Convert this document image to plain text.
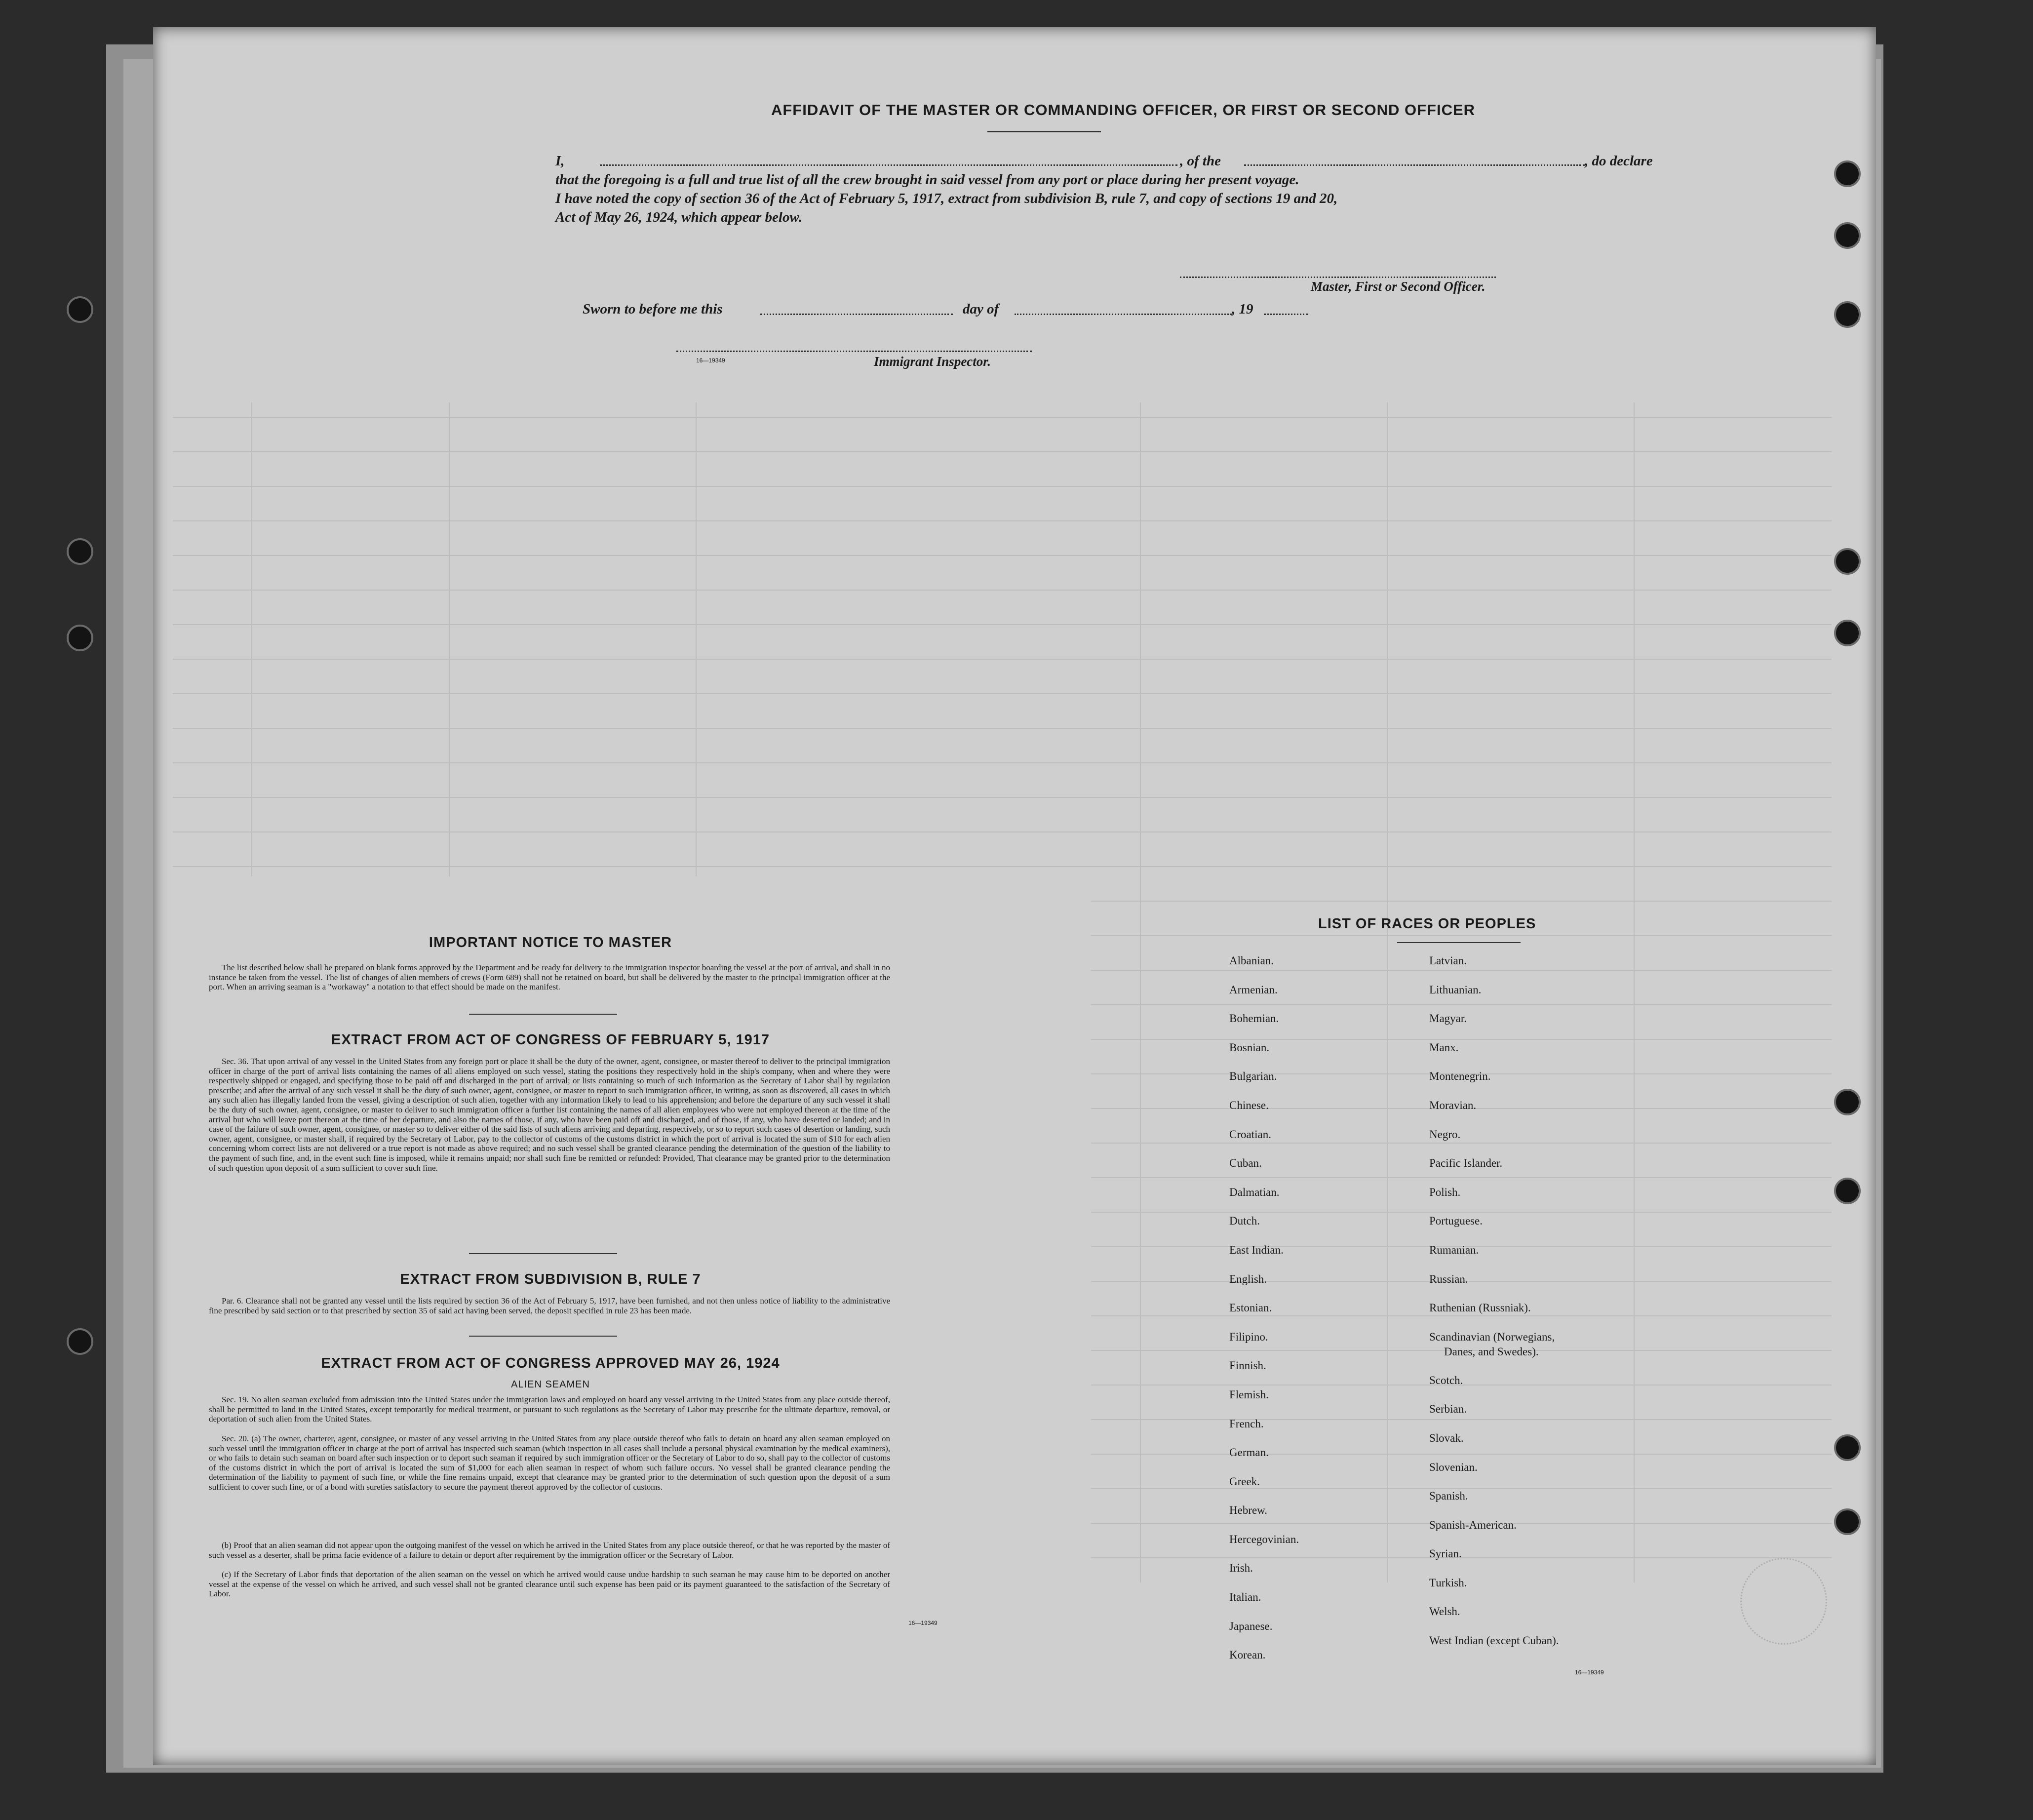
AFFIDAVIT OF THE MASTER OR COMMANDING OFFICER, OR FIRST OR SECOND OFFICER
I,	, of the	, do declare
that the foregoing is a full and true list of all the crew brought in said vessel from any port or place during her present voyage.
I have noted the copy of section 36 of the Act of February 5, 1917, extract from subdivision B, rule 7, and copy of sections 19 and 20,
Act of May 26, 1924, which appear below.
Master, First or Second Officer.
Sworn to before me this	day of	, 19
16—19349	Immigrant Inspector.
IMPORTANT NOTICE TO MASTER

The list described below shall be prepared on blank forms approved by the Department and be ready for delivery to the immigration inspector boarding the vessel at the port of arrival, and shall in no instance be taken from the vessel. The list of changes of alien members of crews (Form 689) shall not be retained on board, but shall be delivered by the master to the principal immigration officer at the port. When an arriving seaman is a "workaway" a notation to that effect should be made on the manifest.

EXTRACT FROM ACT OF CONGRESS OF FEBRUARY 5, 1917

Sec. 36. That upon arrival of any vessel in the United States from any foreign port or place it shall be the duty of the owner, agent, consignee, or master thereof to deliver to the principal immigration officer in charge of the port of arrival lists containing the names of all aliens employed on such vessel, stating the positions they respectively hold in the ship's company, when and where they were respectively shipped or engaged, and specifying those to be paid off and discharged in the port of arrival; or lists containing so much of such information as the Secretary of Labor shall by regulation prescribe; and after the arrival of any such vessel it shall be the duty of such owner, agent, consignee, or master to report to such immigration officer, in writing, as soon as discovered, all cases in which any such alien has illegally landed from the vessel, giving a description of such alien, together with any information likely to lead to his apprehension; and before the departure of any such vessel it shall be the duty of such owner, agent, consignee, or master to deliver to such immigration officer a further list containing the names of all alien employees who were not employed thereon at the time of the arrival but who will leave port thereon at the time of her departure, and also the names of those, if any, who have been paid off and discharged, and of those, if any, who have deserted or landed; and in case of the failure of such owner, agent, consignee, or master so to deliver either of the said lists of such aliens arriving and departing, respectively, or so to report such cases of desertion or landing, such owner, agent, consignee, or master shall, if required by the Secretary of Labor, pay to the collector of customs of the customs district in which the port of arrival is located the sum of $10 for each alien concerning whom correct lists are not delivered or a true report is not made as above required; and no such vessel shall be granted clearance pending the determination of the question of the liability to the payment of such fine, and, in the event such fine is imposed, while it remains unpaid; nor shall such fine be remitted or refunded: Provided, That clearance may be granted prior to the determination of such question upon deposit of a sum sufficient to cover such fine.

EXTRACT FROM SUBDIVISION B, RULE 7

Par. 6. Clearance shall not be granted any vessel until the lists required by section 36 of the Act of February 5, 1917, have been furnished, and not then unless notice of liability to the administrative fine prescribed by said section or to that prescribed by section 35 of said act having been served, the deposit specified in rule 23 has been made.

EXTRACT FROM ACT OF CONGRESS APPROVED MAY 26, 1924
ALIEN SEAMEN

Sec. 19. No alien seaman excluded from admission into the United States under the immigration laws and employed on board any vessel arriving in the United States from any place outside thereof, shall be permitted to land in the United States, except temporarily for medical treatment, or pursuant to such regulations as the Secretary of Labor may prescribe for the ultimate departure, removal, or deportation of such alien from the United States.

Sec. 20. (a) The owner, charterer, agent, consignee, or master of any vessel arriving in the United States from any place outside thereof who fails to detain on board any alien seaman employed on such vessel until the immigration officer in charge at the port of arrival has inspected such seaman (which inspection in all cases shall include a personal physical examination by the medical examiners), or who fails to detain such seaman on board after such inspection or to deport such seaman if required by such immigration officer or the Secretary of Labor to do so, shall pay to the collector of customs of the customs district in which the port of arrival is located the sum of $1,000 for each alien seaman in respect of whom such failure occurs. No vessel shall be granted clearance pending the determination of the liability to payment of such fine, or while the fine remains unpaid, except that clearance may be granted prior to the determination of such question upon the deposit of a sum sufficient to cover such fine, or of a bond with sureties satisfactory to secure the payment thereof approved by the collector of customs.

(b) Proof that an alien seaman did not appear upon the outgoing manifest of the vessel on which he arrived in the United States from any place outside thereof, or that he was reported by the master of such vessel as a deserter, shall be prima facie evidence of a failure to detain or deport after requirement by the immigration officer or the Secretary of Labor.

(c) If the Secretary of Labor finds that deportation of the alien seaman on the vessel on which he arrived would cause undue hardship to such seaman he may cause him to be deported on another vessel at the expense of the vessel on which he arrived, and such vessel shall not be granted clearance until such expense has been paid or its payment guaranteed to the satisfaction of the Secretary of Labor.

16—19349
LIST OF RACES OR PEOPLES
Albanian.
Armenian.
Bohemian.
Bosnian.
Bulgarian.
Chinese.
Croatian.
Cuban.
Dalmatian.
Dutch.
East Indian.
English.
Estonian.
Filipino.
Finnish.
Flemish.
French.
German.
Greek.
Hebrew.
Hercegovinian.
Irish.
Italian.
Japanese.
Korean.
Latvian.
Lithuanian.
Magyar.
Manx.
Montenegrin.
Moravian.
Negro.
Pacific Islander.
Polish.
Portuguese.
Rumanian.
Russian.
Ruthenian (Russniak).
Scandinavian (Norwegians,
Danes, and Swedes).
Scotch.
Serbian.
Slovak.
Slovenian.
Spanish.
Spanish-American.
Syrian.
Turkish.
Welsh.
West Indian (except Cuban).
16—19349
